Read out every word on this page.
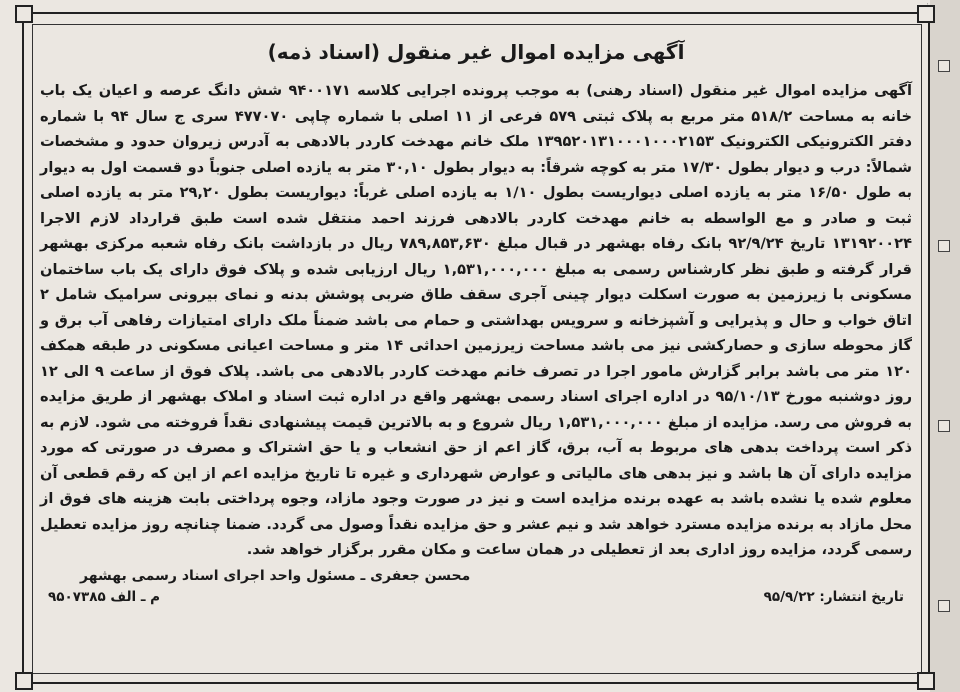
آگهی مزایده اموال غیر منقول (اسناد ذمه)

آگهی مزایده اموال غیر منقول (اسناد رهنی) به موجب پرونده اجرایی کلاسه ۹۴۰۰۱۷۱ شش دانگ عرصه و اعیان یک باب خانه به مساحت ۵۱۸/۲ متر مربع به پلاک ثبتی ۵۷۹ فرعی از ۱۱ اصلی با شماره چاپی ۴۷۷۰۷۰ سری ج سال ۹۴ با شماره دفتر الکترونیکی الکترونیک ۱۳۹۵۲۰۱۳۱۰۰۰۱۰۰۰۲۱۵۳ ملک خانم مهدخت کاردر بالادهی به آدرس زیروان حدود و مشخصات شمالاً: درب و دیوار بطول ۱۷/۳۰ متر به کوچه شرقاً: به دیوار بطول ۳۰,۱۰ متر به یازده اصلی جنوباً دو قسمت اول به دیوار به طول ۱۶/۵۰ متر به یازده اصلی دیواریست بطول ۱/۱۰ به یازده اصلی غرباً: دیواریست بطول ۲۹,۲۰ متر به یازده اصلی ثبت و صادر و مع الواسطه به خانم مهدخت کاردر بالادهی فرزند احمد منتقل شده است طبق قرارداد لازم الاجرا ۱۳۱۹۲۰۰۲۴ تاریخ ۹۲/۹/۲۴ بانک رفاه بهشهر در قبال مبلغ ۷۸۹,۸۵۳,۶۳۰ ریال در بازداشت بانک رفاه شعبه مرکزی بهشهر قرار گرفته و طبق نظر کارشناس رسمی به مبلغ ۱,۵۳۱,۰۰۰,۰۰۰ ریال ارزیابی شده و پلاک فوق دارای یک باب ساختمان مسکونی با زیرزمین به صورت اسکلت دیوار چینی آجری سقف طاق ضربی پوشش بدنه و نمای بیرونی سرامیک شامل ۲ اتاق خواب و حال و پذیرایی و آشپزخانه و سرویس بهداشتی و حمام می باشد ضمناً ملک دارای امتیازات رفاهی آب برق و گاز محوطه سازی و حصارکشی نیز می باشد مساحت زیرزمین احداثی ۱۴ متر و مساحت اعیانی مسکونی در طبقه همکف ۱۲۰ متر می باشد برابر گزارش مامور اجرا در تصرف خانم مهدخت کاردر بالادهی می باشد. پلاک فوق از ساعت ۹ الی ۱۲ روز دوشنبه مورخ ۹۵/۱۰/۱۳ در اداره اجرای اسناد رسمی بهشهر واقع در اداره ثبت اسناد و املاک بهشهر از طریق مزایده به فروش می رسد. مزایده از مبلغ ۱,۵۳۱,۰۰۰,۰۰۰ ریال شروع و به بالاترین قیمت پیشنهادی نقداً فروخته می شود. لازم به ذکر است پرداخت بدهی های مربوط به آب، برق، گاز اعم از حق انشعاب و یا حق اشتراک و مصرف در صورتی که مورد مزایده دارای آن ها باشد و نیز بدهی های مالیاتی و عوارض شهرداری و غیره تا تاریخ مزایده اعم از این که رقم قطعی آن معلوم شده یا نشده باشد به عهده برنده مزایده است و نیز در صورت وجود مازاد، وجوه پرداختی بابت هزینه های فوق از محل مازاد به برنده مزایده مسترد خواهد شد و نیم عشر و حق مزایده نقداً وصول می گردد. ضمنا چنانچه روز مزایده تعطیل رسمی گردد، مزایده روز اداری بعد از تعطیلی در همان ساعت و مکان مقرر برگزار خواهد شد.

محسن جعفری ـ مسئول واحد اجرای اسناد رسمی بهشهر
تاریخ انتشار: ۹۵/۹/۲۲
م ـ الف ۹۵۰۷۳۸۵
